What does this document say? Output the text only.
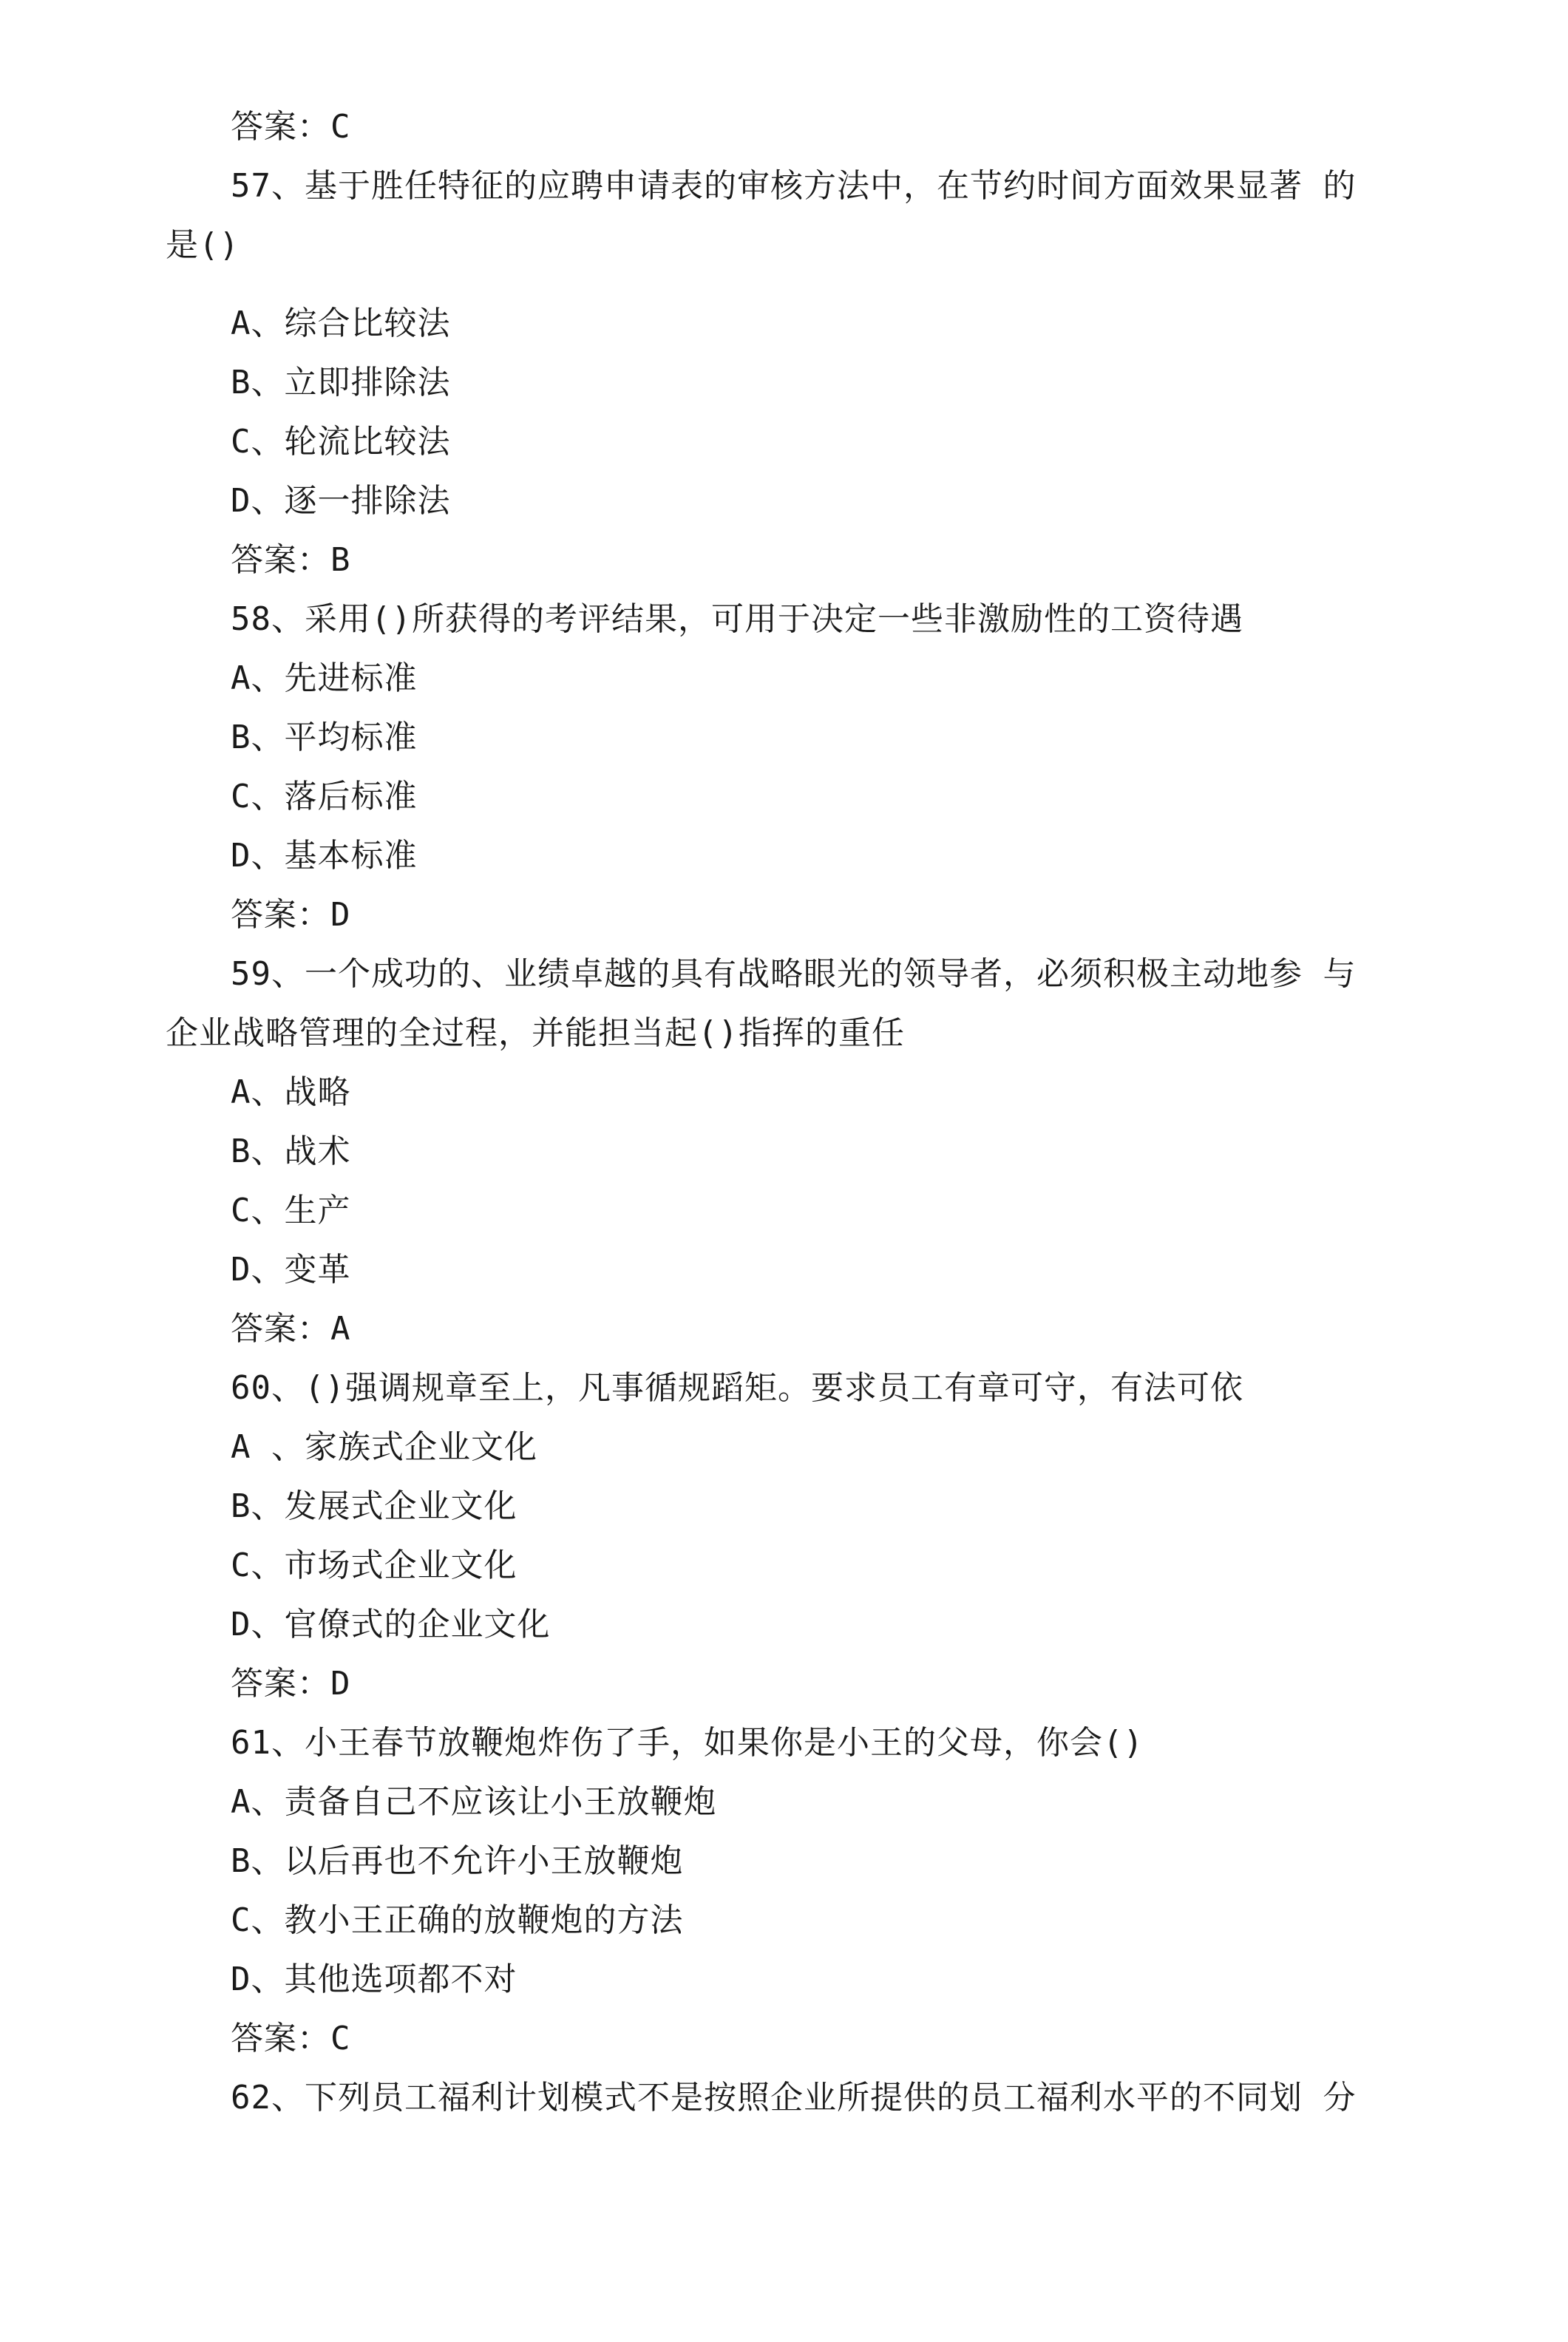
答案：C
57、基于胜任特征的应聘申请表的审核方法中，在节约时间方面效果显著 的
是()
A、综合比较法
B、立即排除法
C、轮流比较法
D、逐一排除法
答案：B
58、采用()所获得的考评结果，可用于决定一些非激励性的工资待遇
A、先进标准
B、平均标准
C、落后标准
D、基本标准
答案：D
59、一个成功的、业绩卓越的具有战略眼光的领导者，必须积极主动地参 与
企业战略管理的全过程，并能担当起()指挥的重任
A、战略
B、战术
C、生产
D、变革
答案：A
60、()强调规章至上，凡事循规蹈矩。要求员工有章可守，有法可依
A 、家族式企业文化
B、发展式企业文化
C、市场式企业文化
D、官僚式的企业文化
答案：D
61、小王春节放鞭炮炸伤了手，如果你是小王的父母，你会()
A、责备自己不应该让小王放鞭炮
B、以后再也不允许小王放鞭炮
C、教小王正确的放鞭炮的方法
D、其他选项都不对
答案：C
62、下列员工福利计划模式不是按照企业所提供的员工福利水平的不同划 分
